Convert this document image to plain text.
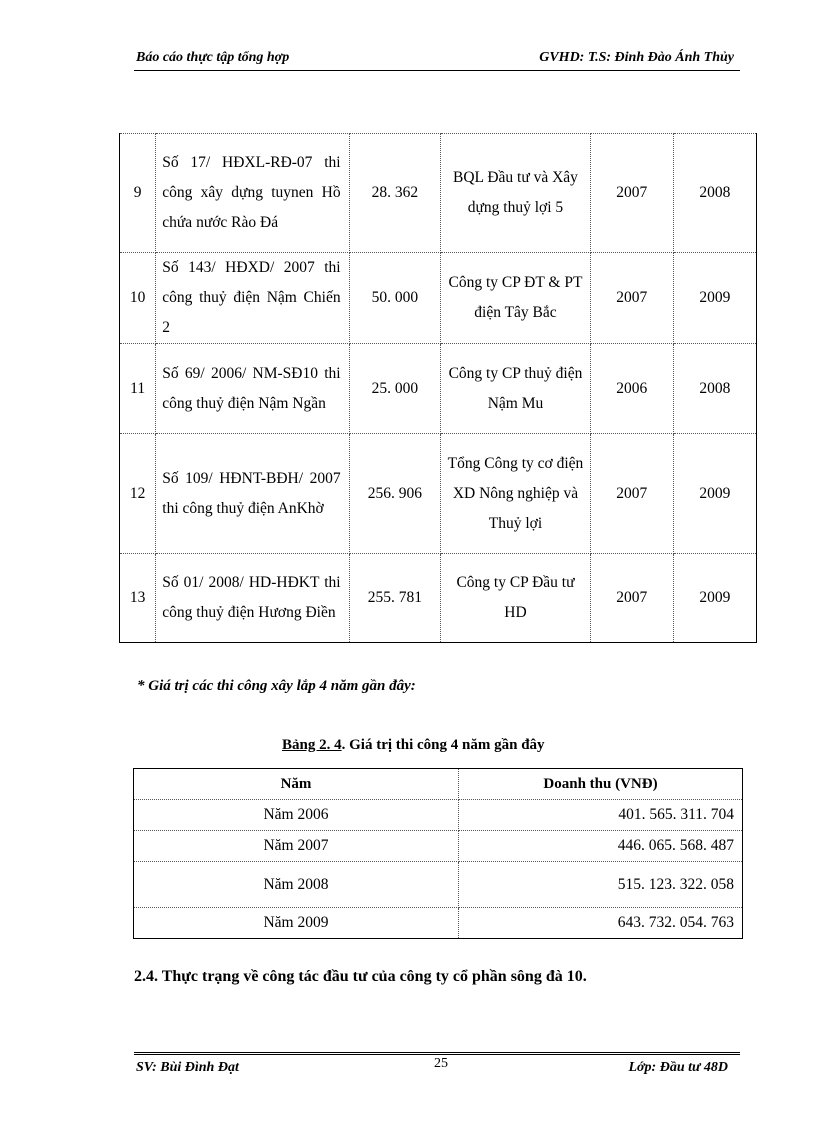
Báo cáo thực tập tổng hợp	GVHD: T.S: Đinh Đào Ánh Thủy
9	Số 17/ HĐXL-RĐ-07 thi công xây dựng tuynen Hồ chứa nước Rào Đá	28. 362	BQL Đầu tư và Xây dựng thuỷ lợi 5	2007	2008
10	Số 143/ HĐXD/ 2007 thi công thuỷ điện Nậm Chiến 2	50. 000	Công ty CP ĐT & PT điện Tây Bắc	2007	2009
11	Số 69/ 2006/ NM-SĐ10 thi công thuỷ điện Nậm Ngần	25. 000	Công ty CP thuỷ điện Nậm Mu	2006	2008
12	Số 109/ HĐNT-BĐH/ 2007 thi công thuỷ điện AnKhờ	256. 906	Tổng Công ty cơ điện XD Nông nghiệp và Thuỷ lợi	2007	2009
13	Số 01/ 2008/ HD-HĐKT thi công thuỷ điện Hương Điền	255. 781	Công ty CP Đầu tư HD	2007	2009
* Giá trị các thi công xây lắp 4 năm gần đây:
Bảng 2. 4. Giá trị thi công 4 năm gần đây
Năm	Doanh thu (VNĐ)
Năm 2006	401. 565. 311. 704
Năm 2007	446. 065. 568. 487
Năm 2008	515. 123. 322. 058
Năm 2009	643. 732. 054. 763
2.4. Thực trạng về công tác đầu tư của công ty cổ phần sông đà 10.
SV: Bùi Đình Đạt	25	Lớp: Đầu tư 48D
